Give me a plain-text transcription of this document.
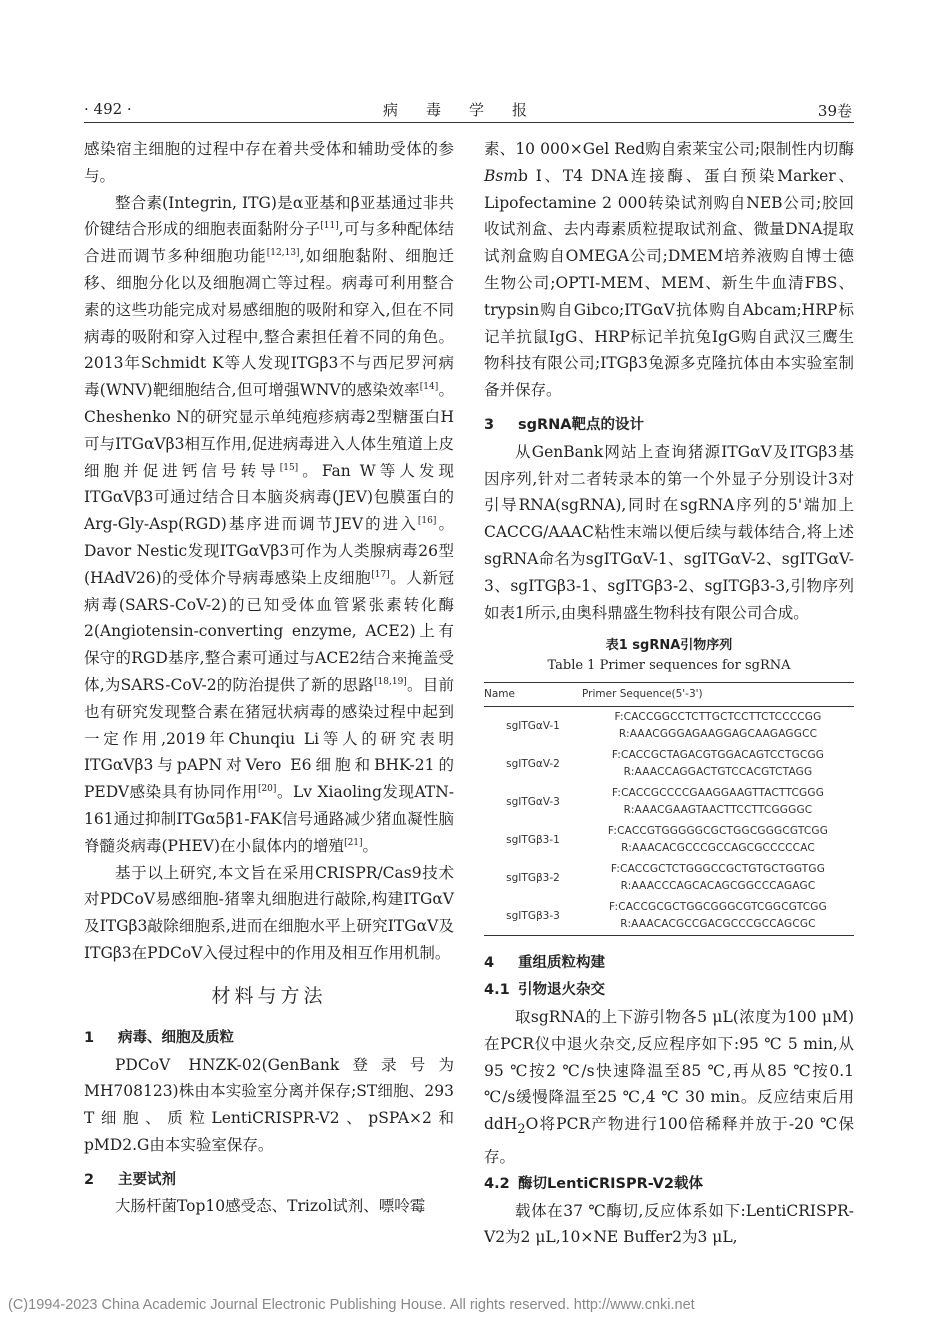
· 492 ·	病毒学报	39卷

感染宿主细胞的过程中存在着共受体和辅助受体的参与。

整合素(Integrin, ITG)是α亚基和β亚基通过非共价键结合形成的细胞表面黏附分子[11],可与多种配体结合进而调节多种细胞功能[12,13],如细胞黏附、细胞迁移、细胞分化以及细胞凋亡等过程。病毒可利用整合素的这些功能完成对易感细胞的吸附和穿入,但在不同病毒的吸附和穿入过程中,整合素担任着不同的角色。2013年Schmidt K等人发现ITGβ3不与西尼罗河病毒(WNV)靶细胞结合,但可增强WNV的感染效率[14]。Cheshenko N的研究显示单纯疱疹病毒2型糖蛋白H可与ITGαVβ3相互作用,促进病毒进入人体生殖道上皮细胞并促进钙信号转导[15]。Fan W等人发现ITGαVβ3可通过结合日本脑炎病毒(JEV)包膜蛋白的Arg-Gly-Asp(RGD)基序进而调节JEV的进入[16]。Davor Nestic发现ITGαVβ3可作为人类腺病毒26型(HAdV26)的受体介导病毒感染上皮细胞[17]。人新冠病毒(SARS-CoV-2)的已知受体血管紧张素转化酶2(Angiotensin-converting enzyme, ACE2)上有保守的RGD基序,整合素可通过与ACE2结合来掩盖受体,为SARS-CoV-2的防治提供了新的思路[18,19]。目前也有研究发现整合素在猪冠状病毒的感染过程中起到一定作用,2019年Chunqiu Li等人的研究表明ITGαVβ3与pAPN对Vero E6细胞和BHK-21的PEDV感染具有协同作用[20]。Lv Xiaoling发现ATN-161通过抑制ITGα5β1-FAK信号通路减少猪血凝性脑脊髓炎病毒(PHEV)在小鼠体内的增殖[21]。

基于以上研究,本文旨在采用CRISPR/Cas9技术对PDCoV易感细胞-猪睾丸细胞进行敲除,构建ITGαV及ITGβ3敲除细胞系,进而在细胞水平上研究ITGαV及ITGβ3在PDCoV入侵过程中的作用及相互作用机制。

材料与方法
1 病毒、细胞及质粒

PDCoV HNZK-02(GenBank登录号为MH708123)株由本实验室分离并保存;ST细胞、293 T细胞、质粒LentiCRISPR-V2、pSPA×2和pMD2.G由本实验室保存。

2 主要试剂

大肠杆菌Top10感受态、Trizol试剂、嘌呤霉

素、10 000×Gel Red购自索莱宝公司;限制性内切酶Bsmb I、T4 DNA连接酶、蛋白预染Marker、Lipofectamine 2 000转染试剂购自NEB公司;胶回收试剂盒、去内毒素质粒提取试剂盒、微量DNA提取试剂盒购自OMEGA公司;DMEM培养液购自博士德生物公司;OPTI-MEM、MEM、新生牛血清FBS、trypsin购自Gibco;ITGαV抗体购自Abcam;HRP标记羊抗鼠IgG、HRP标记羊抗兔IgG购自武汉三鹰生物科技有限公司;ITGβ3兔源多克隆抗体由本实验室制备并保存。

3 sgRNA靶点的设计

从GenBank网站上查询猪源ITGαV及ITGβ3基因序列,针对二者转录本的第一个外显子分别设计3对引导RNA(sgRNA),同时在sgRNA序列的5'端加上CACCG/AAAC粘性末端以便后续与载体结合,将上述sgRNA命名为sgITGαV-1、sgITGαV-2、sgITGαV-3、sgITGβ3-1、sgITGβ3-2、sgITGβ3-3,引物序列如表1所示,由奥科鼎盛生物科技有限公司合成。

表1 sgRNA引物序列
Table 1 Primer sequences for sgRNA
Name	Primer Sequence(5'-3')
sgITGαV-1	F:CACCGGCCTCTTGCTCCTTCTCCCCGG
R:AAACGGGAGAAGGAGCAAGAGGCC

sgITGαV-2	F:CACCGCTAGACGTGGACAGTCCTGCGG
R:AAACCAGGACTGTCCACGTCTAGG

sgITGαV-3	F:CACCGCCCCGAAGGAAGTTACTTCGGG
R:AAACGAAGTAACTTCCTTCGGGGC

sgITGβ3-1	F:CACCGTGGGGGCGCTGGCGGGCGTCGG
R:AAACACGCCCGCCAGCGCCCCCAC

sgITGβ3-2	F:CACCGCTCTGGGCCGCTGTGCTGGTGG
R:AAACCCAGCACAGCGGCCCAGAGC

sgITGβ3-3	F:CACCGCGCTGGCGGGCGTCGGCGTCGG
R:AAACACGCCGACGCCCGCCAGCGC
4 重组质粒构建
4.1 引物退火杂交

取sgRNA的上下游引物各5 μL(浓度为100 μM)在PCR仪中退火杂交,反应程序如下:95 ℃ 5 min,从95 ℃按2 ℃/s快速降温至85 ℃,再从85 ℃按0.1 ℃/s缓慢降温至25 ℃,4 ℃ 30 min。反应结束后用ddH$_2$O将PCR产物进行100倍稀释并放于-20 ℃保存。

4.2 酶切LentiCRISPR-V2载体

载体在37 ℃酶切,反应体系如下:LentiCRISPR-V2为2 μL,10×NE Buffer2为3 μL,

(C)1994-2023 China Academic Journal Electronic Publishing House. All rights reserved. http://www.cnki.net
